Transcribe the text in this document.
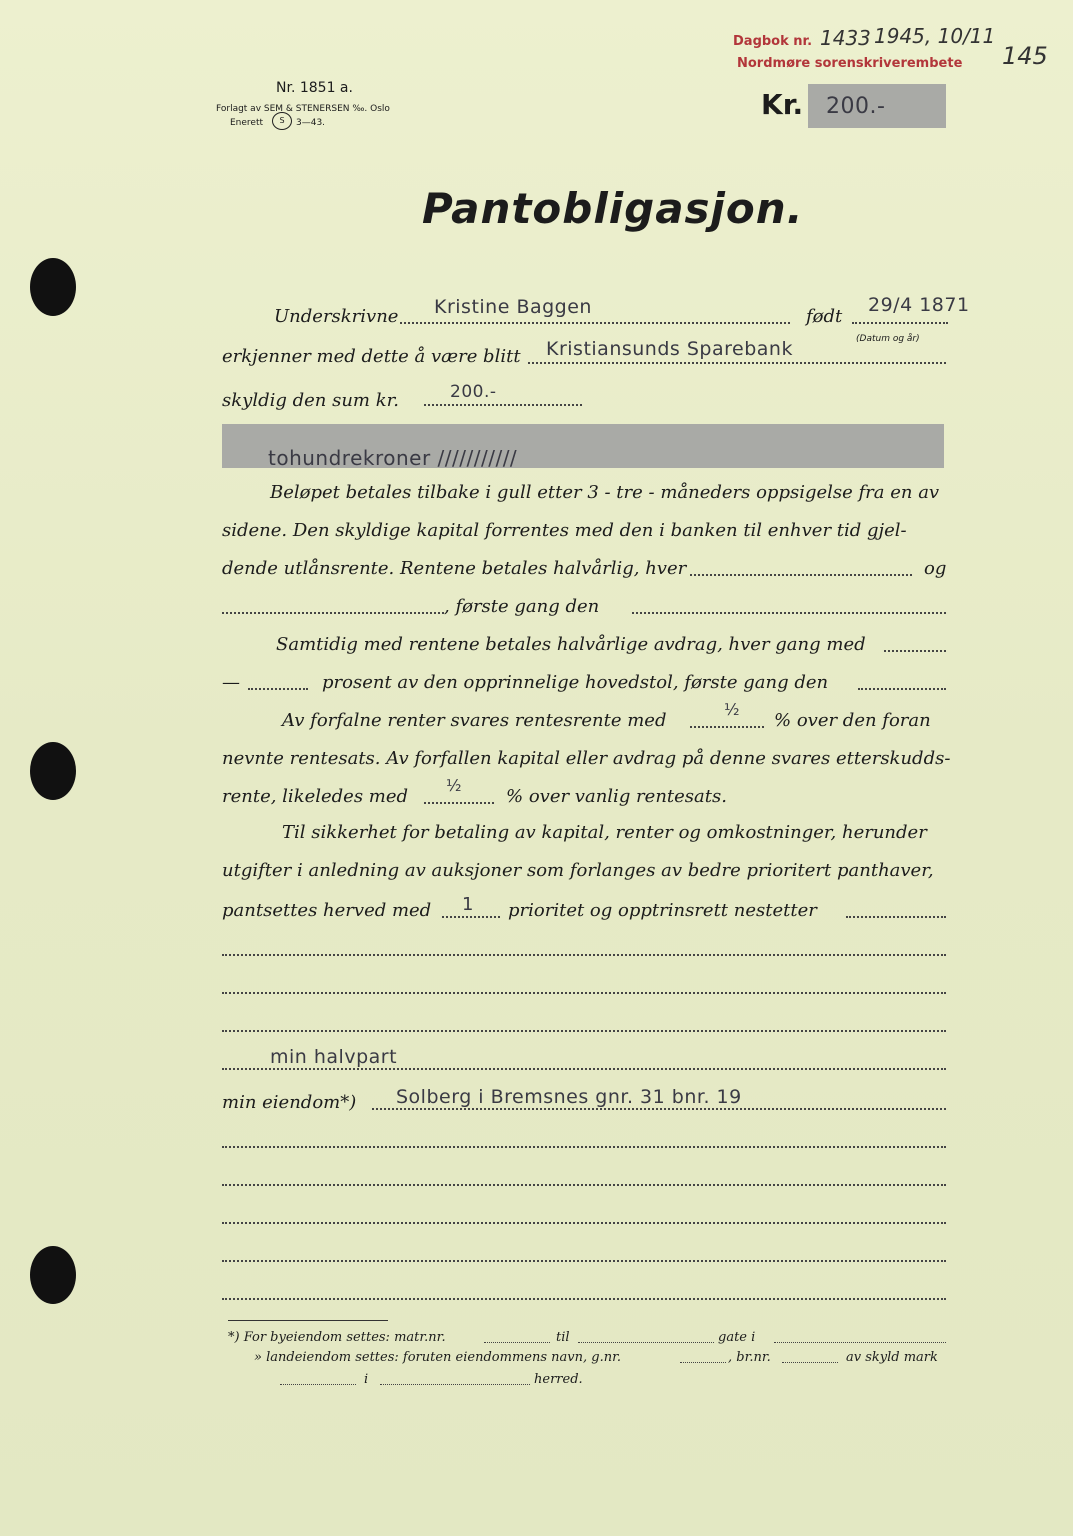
Dagbok nr.
Nordmøre sorenskriverembete
1433 1945, 10/11
145
Nr. 1851 a.
Forlagt av SEM & STENERSEN ‰. Oslo
Enerett	S	3—43.
Kr. 200.-
Pantobligasjon.
Underskrivne Kristine Baggen	født
29/4 1871
(Datum og år)
erkjenner med dette å være blitt Kristiansunds Sparebank
skyldig den sum kr.	200.-
tohundrekroner ///////////
Beløpet betales tilbake i gull etter 3 - tre - måneders oppsigelse fra en av
sidene. Den skyldige kapital forrentes med den i banken til enhver tid gjel-
dende utlånsrente. Rentene betales halvårlig, hver	og
, første gang den
Samtidig med rentene betales halvårlige avdrag, hver gang med
—	prosent av den opprinnelige hovedstol, første gang den
Av forfalne renter svares rentesrente med
½
% over den foran
nevnte rentesats. Av forfallen kapital eller avdrag på denne svares etterskudds-
rente, likeledes med
½
% over vanlig rentesats.
Til sikkerhet for betaling av kapital, renter og omkostninger, herunder
utgifter i anledning av auksjoner som forlanges av bedre prioritert panthaver,
pantsettes herved med 1 prioritet og opptrinsrett nestetter
min halvpart
min eiendom*) Solberg i Bremsnes gnr. 31 bnr. 19
*) For byeiendom settes: matr.nr.	til	gate i
» landeiendom settes: foruten eiendommens navn, g.nr.	, br.nr.	av skyld mark
i	herred.
